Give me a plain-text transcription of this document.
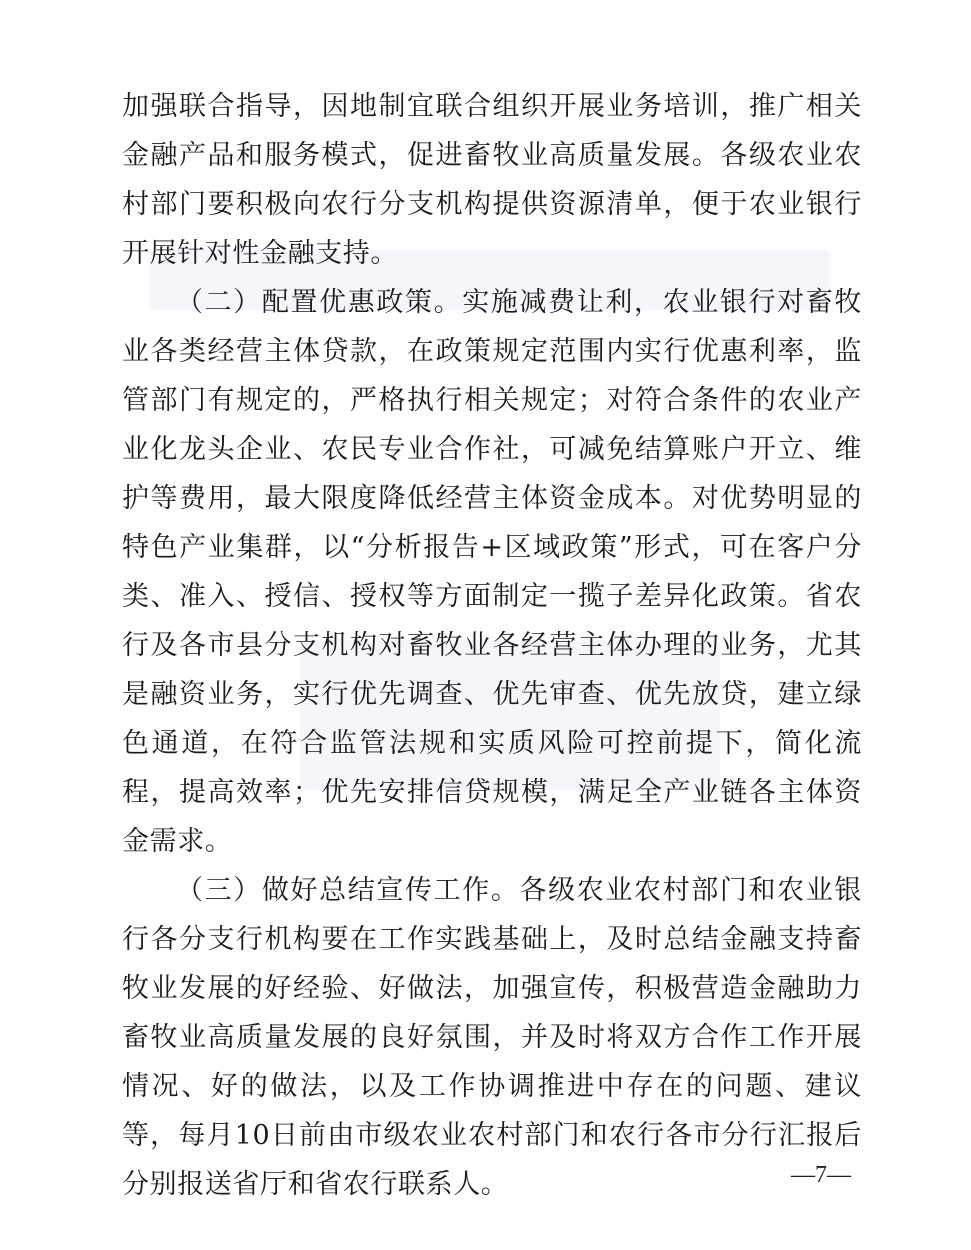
加强联合指导，因地制宜联合组织开展业务培训，推广相关金融产品和服务模式，促进畜牧业高质量发展。各级农业农村部门要积极向农行分支机构提供资源清单，便于农业银行开展针对性金融支持。

（二）配置优惠政策。实施减费让利，农业银行对畜牧业各类经营主体贷款，在政策规定范围内实行优惠利率，监管部门有规定的，严格执行相关规定；对符合条件的农业产业化龙头企业、农民专业合作社，可减免结算账户开立、维护等费用，最大限度降低经营主体资金成本。对优势明显的特色产业集群，以“分析报告+区域政策”形式，可在客户分类、准入、授信、授权等方面制定一揽子差异化政策。省农行及各市县分支机构对畜牧业各经营主体办理的业务，尤其是融资业务，实行优先调查、优先审查、优先放贷，建立绿色通道，在符合监管法规和实质风险可控前提下，简化流程，提高效率；优先安排信贷规模，满足全产业链各主体资金需求。

（三）做好总结宣传工作。各级农业农村部门和农业银行各分支行机构要在工作实践基础上，及时总结金融支持畜牧业发展的好经验、好做法，加强宣传，积极营造金融助力畜牧业高质量发展的良好氛围，并及时将双方合作工作开展情况、好的做法，以及工作协调推进中存在的问题、建议等，每月10日前由市级农业农村部门和农行各市分行汇报后分别报送省厅和省农行联系人。	—7—
